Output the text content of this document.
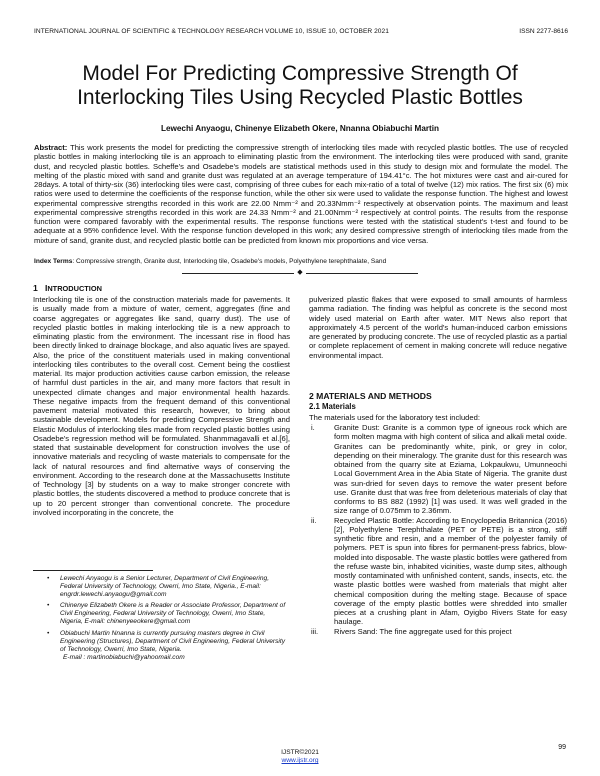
INTERNATIONAL JOURNAL OF SCIENTIFIC & TECHNOLOGY RESEARCH VOLUME 10, ISSUE 10, OCTOBER 2021	ISSN 2277-8616
Model For Predicting Compressive Strength Of
Interlocking Tiles Using Recycled Plastic Bottles
Lewechi Anyaogu, Chinenye Elizabeth Okere, Nnanna Obiabuchi Martin
Abstract: This work presents the model for predicting the compressive strength of interlocking tiles made with recycled plastic bottles. The use of recycled plastic bottles in making interlocking tile is an approach to eliminating plastic from the environment. The interlocking tiles were produced with sand, granite dust, and recycled plastic bottles. Scheffe's and Osadebe's models are statistical methods used in this study to design mix and formulate the model. The melting of the plastic mixed with sand and granite dust was regulated at an average temperature of 194.41°c. The hot mixtures were cast and air-cured for 28days. A total of thirty-six (36) interlocking tiles were cast, comprising of three cubes for each mix-ratio of a total of twelve (12) mix ratios. The first six (6) mix ratios were used to determine the coefficients of the response function, while the other six were used to validate the response function. The highest and lowest experimental compressive strengths recorded in this work are 22.00 Nmm⁻² and 20.33Nmm⁻² respectively at observation points. The maximum and least experimental compressive strengths recorded in this work are 24.33 Nmm⁻² and 21.00Nmm⁻² respectively at control points. The results from the response function were compared favorably with the experimental results. The response functions were tested with the statistical student's t-test and found to be adequate at a 95% confidence level. With the response function developed in this work; any desired compressive strength of interlocking tiles made from the mixture of sand, granite dust, and recycled plastic bottle can be predicted from known mix proportions and vice versa.
Index Terms: Compressive strength, Granite dust, Interlocking tile, Osadebe's models, Polyethylene terephthalate, Sand
◆
1 INTRODUCTION
Interlocking tile is one of the construction materials made for pavements. It is usually made from a mixture of water, cement, aggregates (fine and coarse aggregates or aggregates like sand, quarry dust). The use of recycled plastic bottles in making interlocking tile is a new approach to eliminating plastic from the environment. The incessant rise in flood has been directly linked to drainage blockage, and also aquatic lives are spayed. Also, the price of the constituent materials used in making conventional interlocking tiles contributes to the overall cost. Cement being the costliest material. Its major production activities cause carbon emission, the release of harmful dust particles in the air, and many more factors that result in unexpected climate changes and major environmental health hazards. These negative impacts from the frequent demand of this conventional pavement material motivated this research, however, to bring about sustainable development. Models for predicting Compressive Strength and Elastic Modulus of interlocking tiles made from recycled plastic bottles using Osadebe's regression method will be formulated. Shanmmagavalli et al.[6], stated that sustainable development for construction involves the use of innovative materials and recycling of waste materials to compensate for the lack of natural resources and find alternative ways of conserving the environment. According to the research done at the Massachusetts Institute of Technology [3] by students on a way to make stronger concrete with plastic bottles, the students discovered a method to produce concrete that is up to 20 percent stronger than conventional concrete. The procedure involved incorporating in the concrete, the
• Lewechi Anyaogu is a Senior Lecturer, Department of Civil Engineering, Federal University of Technology, Owerri, Imo State, Nigeria., E-mail: engrdr.lewechi.anyaogu@gmail.com
• Chinenye Elizabeth Okere is a Reader or Associate Professor, Department of Civil Engineering, Federal University of Technology, Owerri, Imo State, Nigeria, E-mail: chinenyeeokere@gmail.com
• Obiabuchi Martin Nnanna is currently pursuing masters degree in Civil Engineering (Structures), Department of Civil Engineering, Federal University of Technology, Owerri, Imo State, Nigeria.
E-mail : martinobiabuchi@yahoomail.com
pulverized plastic flakes that were exposed to small amounts of harmless gamma radiation. The finding was helpful as concrete is the second most widely used material on Earth after water. MIT News also report that approximately 4.5 percent of the world's human-induced carbon emissions are generated by producing concrete. The use of recycled plastic as a partial or complete replacement of cement in making concrete will reduce negative environmental impact.
2 MATERIALS AND METHODS
2.1 Materials
The materials used for the laboratory test included:
i.	Granite Dust: Granite is a common type of igneous rock which are form molten magma with high content of silica and alkali metal oxide. Granites can be predominantly white, pink, or grey in color, depending on their mineralogy. The granite dust for this research was obtained from the quarry site at Eziama, Lokpaukwu, Umunneochi Local Government Area in the Abia State of Nigeria. The granite dust was sun-dried for seven days to remove the water present before use. Granite dust that was free from deleterious materials of clay that conforms to BS 882 (1992) [1] was used. It was well graded in the size range of 0.075mm to 2.36mm.
ii. Recycled Plastic Bottle: According to Encyclopedia Britannica (2016) [2], Polyethylene Terephthalate (PET or PETE) is a strong, stiff synthetic fibre and resin, and a member of the polyester family of polymers. PET is spun into fibres for permanent-press fabrics, blow-molded into disposable. The waste plastic bottles were gathered from the refuse waste bin, inhabited vicinities, waste dump sites, although mostly contaminated with unfinished content, sands, insects, etc. the waste plastic bottles were washed from materials that might alter chemical composition during the melting stage. Because of space coverage of the empty plastic bottles were shredded into smaller pieces at a crushing plant in Afam, Oyigbo Rivers State for easy haulage.
iii. Rivers Sand: The fine aggregate used for this project
99
IJSTR©2021
www.ijstr.org
